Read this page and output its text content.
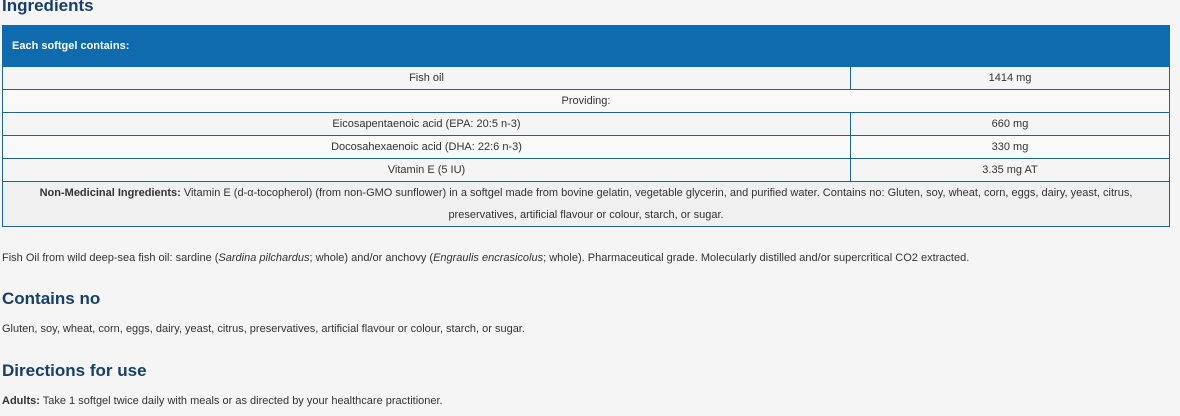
Ingredients
Each softgel contains:	
Fish oil	1414 mg
Providing:	
Eicosapentaenoic acid (EPA: 20:5 n-3)	660 mg
Docosahexaenoic acid (DHA: 22:6 n-3)	330 mg
Vitamin E (5 IU)	3.35 mg AT
Non-Medicinal Ingredients: Vitamin E (d-α-tocopherol) (from non-GMO sunflower) in a softgel made from bovine gelatin, vegetable glycerin, and purified water. Contains no: Gluten, soy, wheat, corn, eggs, dairy, yeast, citrus, preservatives, artificial flavour or colour, starch, or sugar.	

Fish Oil from wild deep-sea fish oil: sardine (Sardina pilchardus; whole) and/or anchovy (Engraulis encrasicolus; whole). Pharmaceutical grade. Molecularly distilled and/or supercritical CO2 extracted.

Contains no

Gluten, soy, wheat, corn, eggs, dairy, yeast, citrus, preservatives, artificial flavour or colour, starch, or sugar.

Directions for use

Adults: Take 1 softgel twice daily with meals or as directed by your healthcare practitioner.
